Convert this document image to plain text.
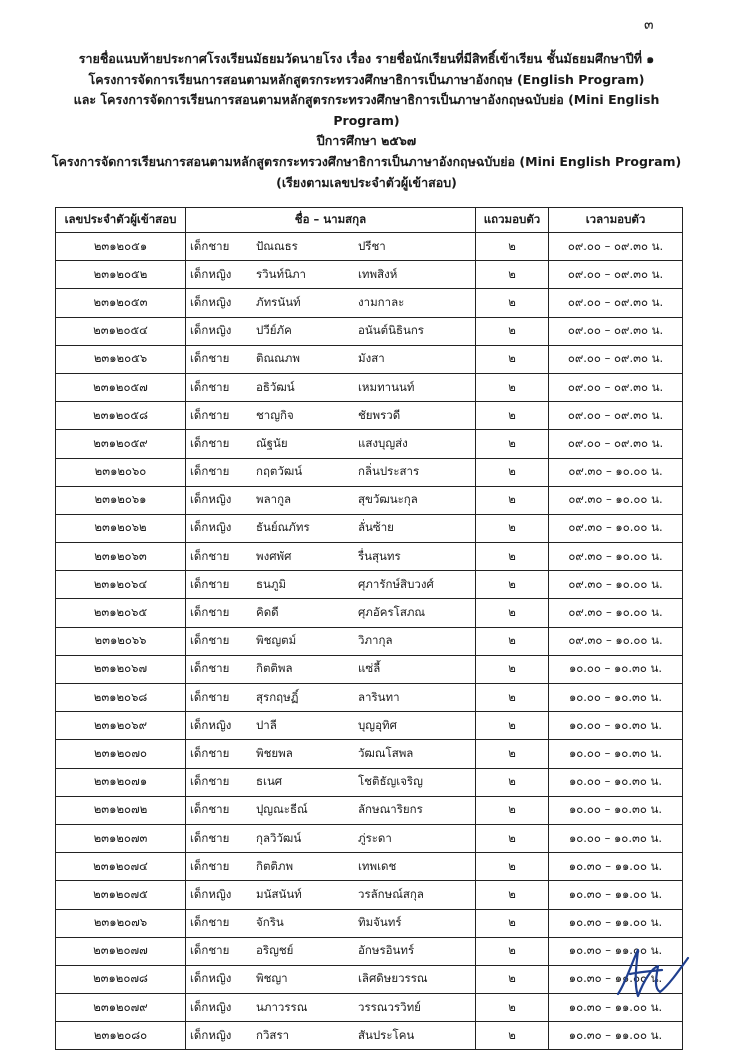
๓
รายชื่อแนบท้ายประกาศโรงเรียนมัธยมวัดนายโรง เรื่อง รายชื่อนักเรียนที่มีสิทธิ์เข้าเรียน ชั้นมัธยมศึกษาปีที่ ๑
โครงการจัดการเรียนการสอนตามหลักสูตรกระทรวงศึกษาธิการเป็นภาษาอังกฤษ (English Program)
และ โครงการจัดการเรียนการสอนตามหลักสูตรกระทรวงศึกษาธิการเป็นภาษาอังกฤษฉบับย่อ (Mini English Program)
ปีการศึกษา ๒๕๖๗
โครงการจัดการเรียนการสอนตามหลักสูตรกระทรวงศึกษาธิการเป็นภาษาอังกฤษฉบับย่อ (Mini English Program)
(เรียงตามเลขประจำตัวผู้เข้าสอบ)
เลขประจำตัวผู้เข้าสอบ	ชื่อ – นามสกุล	แถวมอบตัว	เวลามอบตัว
๒๓๑๒๐๕๑	เด็กชาย ปัณณธร ปรีชา	๒	๐๙.๐๐ – ๐๙.๓๐ น.
๒๓๑๒๐๕๒	เด็กหญิง รวินท์นิภา เทพสิงห์	๒	๐๙.๐๐ – ๐๙.๓๐ น.
๒๓๑๒๐๕๓	เด็กหญิง ภัทรนันท์ งามกาละ	๒	๐๙.๐๐ – ๐๙.๓๐ น.
๒๓๑๒๐๕๔	เด็กหญิง ปวีย์ภัค อนันต์นิธินกร	๒	๐๙.๐๐ – ๐๙.๓๐ น.
๒๓๑๒๐๕๖	เด็กชาย ติณณภพ มังสา	๒	๐๙.๐๐ – ๐๙.๓๐ น.
๒๓๑๒๐๕๗	เด็กชาย อธิวัฒน์ เหมทานนท์	๒	๐๙.๐๐ – ๐๙.๓๐ น.
๒๓๑๒๐๕๘	เด็กชาย ชาญกิจ ชัยพรวดี	๒	๐๙.๐๐ – ๐๙.๓๐ น.
๒๓๑๒๐๕๙	เด็กชาย ณัฐนัย แสงบุญส่ง	๒	๐๙.๐๐ – ๐๙.๓๐ น.
๒๓๑๒๐๖๐	เด็กชาย กฤตวัฒน์ กลิ่นประสาร	๒	๐๙.๓๐ – ๑๐.๐๐ น.
๒๓๑๒๐๖๑	เด็กหญิง พลากูล สุขวัฒนะกุล	๒	๐๙.๓๐ – ๑๐.๐๐ น.
๒๓๑๒๐๖๒	เด็กหญิง ธันย์ณภัทร ลั่นซ้าย	๒	๐๙.๓๐ – ๑๐.๐๐ น.
๒๓๑๒๐๖๓	เด็กชาย พงศพัศ รื่นสุนทร	๒	๐๙.๓๐ – ๑๐.๐๐ น.
๒๓๑๒๐๖๔	เด็กชาย ธนภูมิ ศุภารักษ์สิบวงศ์	๒	๐๙.๓๐ – ๑๐.๐๐ น.
๒๓๑๒๐๖๕	เด็กชาย คิดดี ศุภอัครโสภณ	๒	๐๙.๓๐ – ๑๐.๐๐ น.
๒๓๑๒๐๖๖	เด็กชาย พิชญตม์ วิภากุล	๒	๐๙.๓๐ – ๑๐.๐๐ น.
๒๓๑๒๐๖๗	เด็กชาย กิตติพล แซ่ลี้	๒	๑๐.๐๐ – ๑๐.๓๐ น.
๒๓๑๒๐๖๘	เด็กชาย สุรกฤษฏิ์ ลารินทา	๒	๑๐.๐๐ – ๑๐.๓๐ น.
๒๓๑๒๐๖๙	เด็กหญิง ปาลี บุญอุทิศ	๒	๑๐.๐๐ – ๑๐.๓๐ น.
๒๓๑๒๐๗๐	เด็กชาย พิชยพล วัฒณโสพล	๒	๑๐.๐๐ – ๑๐.๓๐ น.
๒๓๑๒๐๗๑	เด็กชาย ธเนศ โชติธัญเจริญ	๒	๑๐.๐๐ – ๑๐.๓๐ น.
๒๓๑๒๐๗๒	เด็กชาย ปุญณะธีณ์ ลักษณาริยกร	๒	๑๐.๐๐ – ๑๐.๓๐ น.
๒๓๑๒๐๗๓	เด็กชาย กุลวิวัฒน์ ภู่ระดา	๒	๑๐.๐๐ – ๑๐.๓๐ น.
๒๓๑๒๐๗๔	เด็กชาย กิตติภพ เทพเดช	๒	๑๐.๓๐ – ๑๑.๐๐ น.
๒๓๑๒๐๗๕	เด็กหญิง มนัสนันท์ วรลักษณ์สกุล	๒	๑๐.๓๐ – ๑๑.๐๐ น.
๒๓๑๒๐๗๖	เด็กชาย จักริน ทิมจันทร์	๒	๑๐.๓๐ – ๑๑.๐๐ น.
๒๓๑๒๐๗๗	เด็กชาย อริญชย์ อักษรอินทร์	๒	๑๐.๓๐ – ๑๑.๐๐ น.
๒๓๑๒๐๗๘	เด็กหญิง พิชญา เลิศดิษยวรรณ	๒	๑๐.๓๐ – ๑๑.๐๐ น.
๒๓๑๒๐๗๙	เด็กหญิง นภาวรรณ วรรณวรวิทย์	๒	๑๐.๓๐ – ๑๑.๐๐ น.
๒๓๑๒๐๘๐	เด็กหญิง กวิสรา สันประโคน	๒	๑๐.๓๐ – ๑๑.๐๐ น.
